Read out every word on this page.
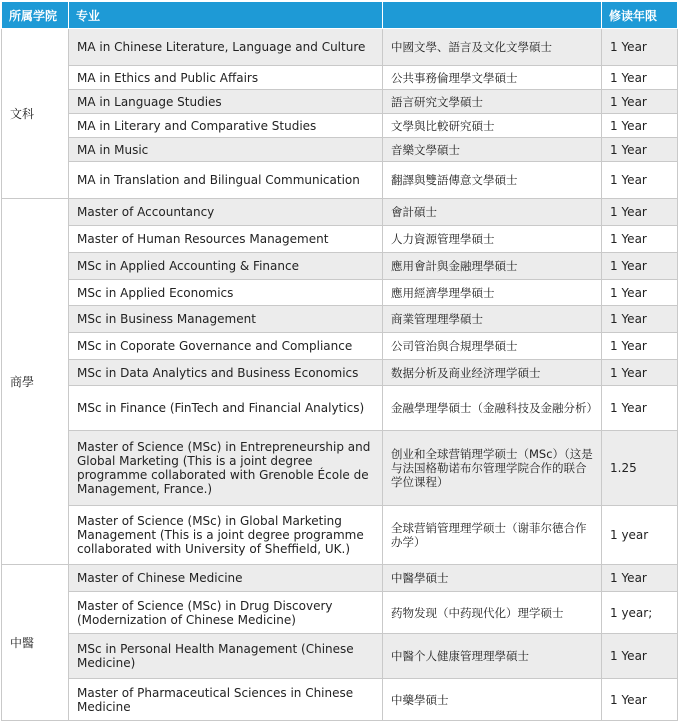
所属学院	专业		修读年限
文科	MA in Chinese Literature, Language and Culture	中國文學、語言及文化文學碩士	1 Year
	MA in Ethics and Public Affairs	公共事務倫理學文學碩士	1 Year
	MA in Language Studies	語言研究文學碩士	1 Year
	MA in Literary and Comparative Studies	文學與比較研究碩士	1 Year
	MA in Music	音樂文學碩士	1 Year
	MA in Translation and Bilingual Communication	翻譯與雙語傳意文學碩士	1 Year
商學	Master of Accountancy	會計碩士	1 Year
	Master of Human Resources Management	人力資源管理學碩士	1 Year
	MSc in Applied Accounting & Finance	應用會計與金融理學碩士	1 Year
	MSc in Applied Economics	應用經濟學理學碩士	1 Year
	MSc in Business Management	商業管理理學碩士	1 Year
	MSc in Coporate Governance and Compliance	公司管治與合規理學碩士	1 Year
	MSc in Data Analytics and Business Economics	数据分析及商业经济理学碩士	1 Year
	MSc in Finance (FinTech and Financial Analytics)	金融學理學碩士（金融科技及金融分析）	1 Year
	Master of Science (MSc) in Entrepreneurship and Global Marketing (This is a joint degree programme collaborated with Grenoble École de Management, France.)	创业和全球营销理学硕士（MSc）（这是与法国格勒诺布尔管理学院合作的联合学位课程）	1.25
	Master of Science (MSc) in Global Marketing Management (This is a joint degree programme collaborated with University of Sheffield, UK.)	全球营销管理理学硕士（谢菲尔德合作办学）	1 year
中醫	Master of Chinese Medicine	中醫學碩士	1 Year
	Master of Science (MSc) in Drug Discovery (Modernization of Chinese Medicine)	药物发现（中药现代化）理学硕士	1 year;
	MSc in Personal Health Management (Chinese Medicine)	中醫个人健康管理理學碩士	1 Year
	Master of Pharmaceutical Sciences in Chinese Medicine	中藥學碩士	1 Year
